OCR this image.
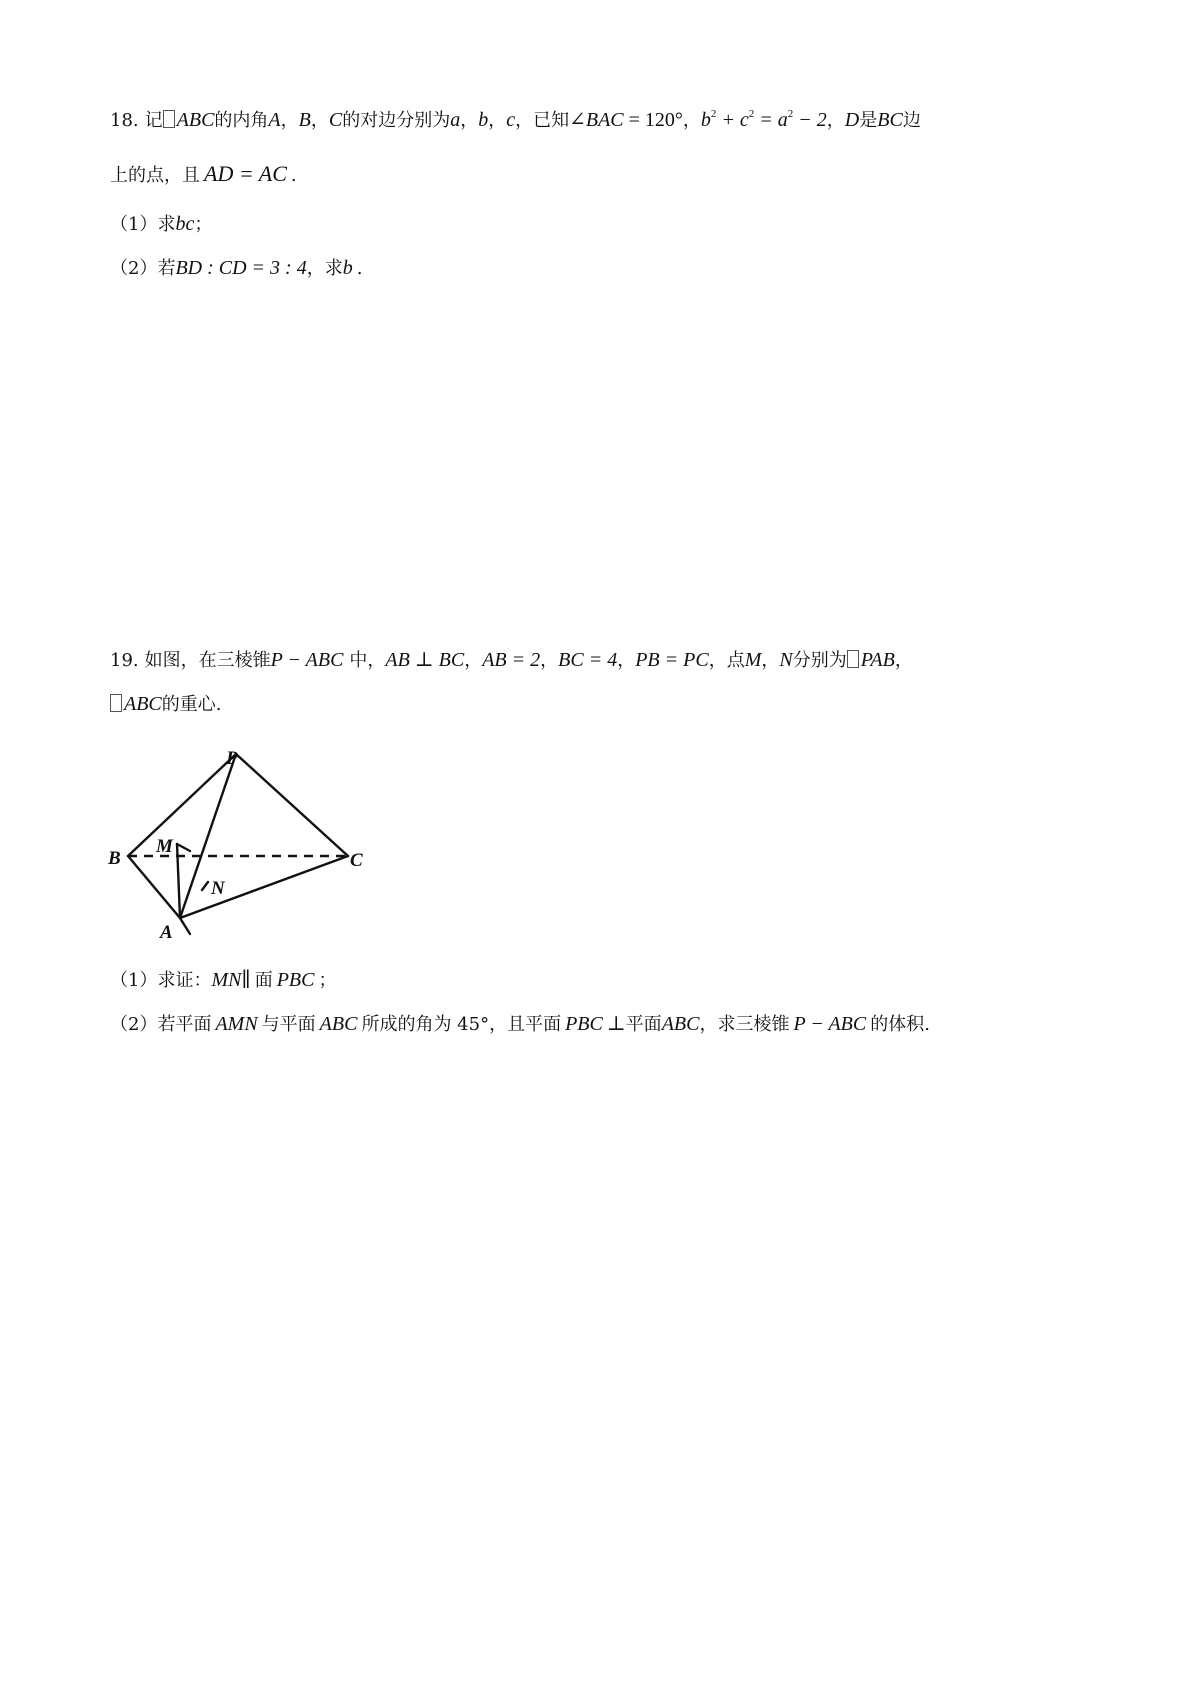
18. 记 ABC的内角A，B，C的对边分别为a，b，c，已知∠BAC = 120°，$b^2 + c^2 = a^2 - 2$，D是BC边
上的点，且 AD = AC .
（1）求bc；
（2）若BD : CD = 3 : 4，求b .
19. 如图，在三棱锥P − ABC 中，AB ⊥ BC，AB = 2，BC = 4，PB = PC，点M，N分别为 PAB，
ABC的重心.
P
B	C
M
N
A
（1）求证：MN∥ 面 PBC ；
（2）若平面 AMN 与平面 ABC 所成的角为 45°，且平面 PBC ⊥平面ABC，求三棱锥 P − ABC 的体积.
